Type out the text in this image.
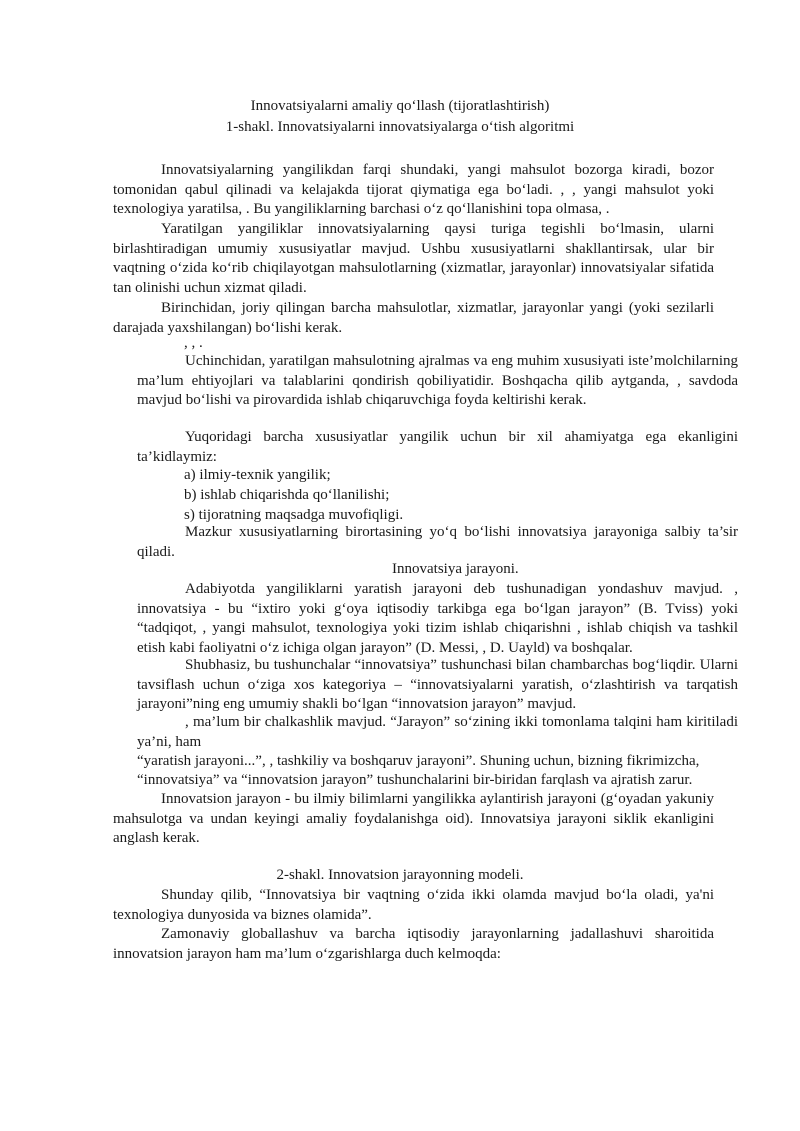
Innovatsiyalarni amaliy qo‘llash (tijoratlashtirish)
1-shakl. Innovatsiyalarni innovatsiyalarga o‘tish algoritmi

Innovatsiyalarning yangilikdan farqi shundaki, yangi mahsulot bozorga kiradi, bozor tomonidan qabul qilinadi va kelajakda tijorat qiymatiga ega bo‘ladi. , , yangi mahsulot yoki texnologiya yaratilsa, . Bu yangiliklarning barchasi o‘z qo‘llanishini topa olmasa, .

Yaratilgan yangiliklar innovatsiyalarning qaysi turiga tegishli bo‘lmasin, ularni birlashtiradigan umumiy xususiyatlar mavjud. Ushbu xususiyatlarni shakllantirsak, ular bir vaqtning o‘zida ko‘rib chiqilayotgan mahsulotlarning (xizmatlar, jarayonlar) innovatsiyalar sifatida tan olinishi uchun xizmat qiladi.

Birinchidan, joriy qilingan barcha mahsulotlar, xizmatlar, jarayonlar yangi (yoki sezilarli darajada yaxshilangan) bo‘lishi kerak.

, , .

Uchinchidan, yaratilgan mahsulotning ajralmas va eng muhim xususiyati iste’molchilarning ma’lum ehtiyojlari va talablarini qondirish qobiliyatidir. Boshqacha qilib aytganda, , savdoda mavjud bo‘lishi va pirovardida ishlab chiqaruvchiga foyda keltirishi kerak.

Yuqoridagi barcha xususiyatlar yangilik uchun bir xil ahamiyatga ega ekanligini ta’kidlaymiz:

a) ilmiy-texnik yangilik;
b) ishlab chiqarishda qo‘llanilishi;
s) tijoratning maqsadga muvofiqligi.

Mazkur xususiyatlarning birortasining yo‘q bo‘lishi innovatsiya jarayoniga salbiy ta’sir qiladi.

Innovatsiya jarayoni.

Adabiyotda yangiliklarni yaratish jarayoni deb tushunadigan yondashuv mavjud. , innovatsiya - bu “ixtiro yoki g‘oya iqtisodiy tarkibga ega bo‘lgan jarayon” (B. Tviss) yoki “tadqiqot, , yangi mahsulot, texnologiya yoki tizim ishlab chiqarishni , ishlab chiqish va tashkil etish kabi faoliyatni o‘z ichiga olgan jarayon” (D. Messi, , D. Uayld) va boshqalar.

Shubhasiz, bu tushunchalar “innovatsiya” tushunchasi bilan chambarchas bog‘liqdir. Ularni tavsiflash uchun o‘ziga xos kategoriya – “innovatsiyalarni yaratish, o‘zlashtirish va tarqatish jarayoni”ning eng umumiy shakli bo‘lgan “innovatsion jarayon” mavjud.

, ma’lum bir chalkashlik mavjud. “Jarayon” so‘zining ikki tomonlama talqini ham kiritiladi ya’ni, ham

“yaratish jarayoni...”, , tashkiliy va boshqaruv jarayoni”. Shuning uchun, bizning fikrimizcha,
“innovatsiya” va “innovatsion jarayon” tushunchalarini bir-biridan farqlash va ajratish zarur.

Innovatsion jarayon - bu ilmiy bilimlarni yangilikka aylantirish jarayoni (g‘oyadan yakuniy mahsulotga va undan keyingi amaliy foydalanishga oid). Innovatsiya jarayoni siklik ekanligini anglash kerak.

2-shakl. Innovatsion jarayonning modeli.

Shunday qilib, “Innovatsiya bir vaqtning o‘zida ikki olamda mavjud bo‘la oladi, ya'ni texnologiya dunyosida va biznes olamida”.

Zamonaviy globallashuv va barcha iqtisodiy jarayonlarning jadallashuvi sharoitida innovatsion jarayon ham ma’lum o‘zgarishlarga duch kelmoqda:
